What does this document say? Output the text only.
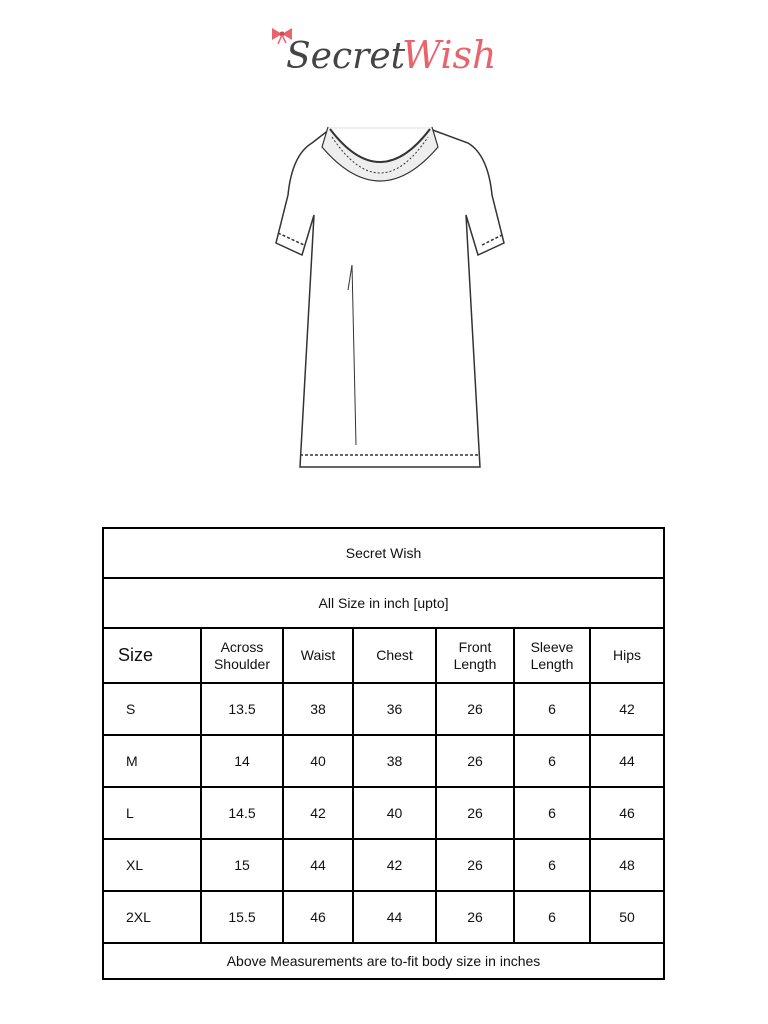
Secret
Wish
Secret Wish						
All Size in inch [upto]						
Size	Across Shoulder	Waist	Chest	Front Length	Sleeve Length	Hips
S	13.5	38	36	26	6	42
M	14	40	38	26	6	44
L	14.5	42	40	26	6	46
XL	15	44	42	26	6	48
2XL	15.5	46	44	26	6	50
Above Measurements are to-fit body size in inches						
